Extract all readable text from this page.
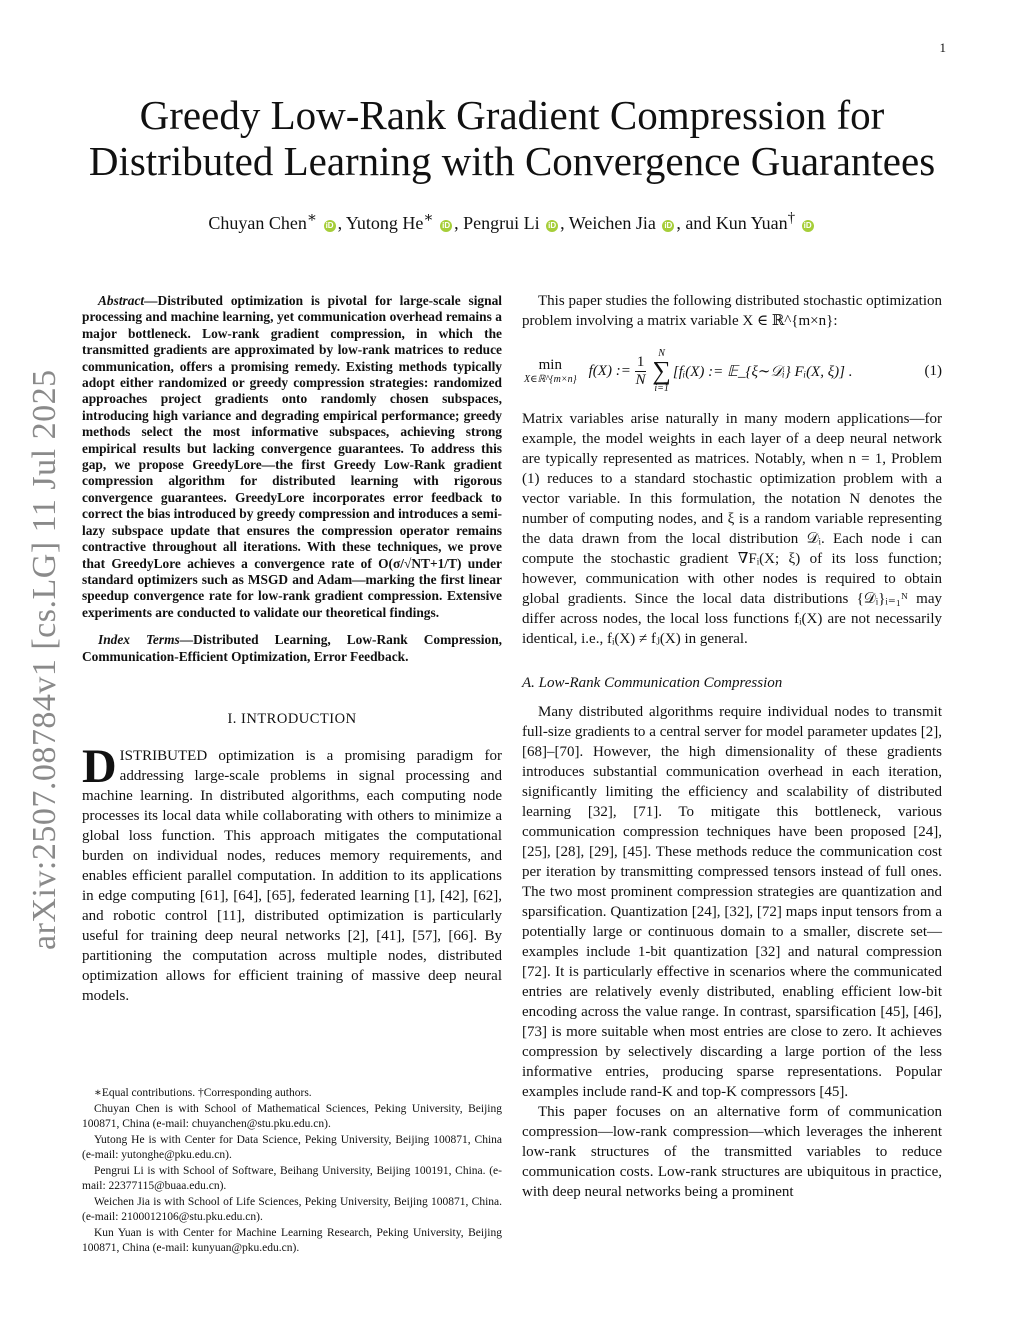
1
arXiv:2507.08784v1 [cs.LG] 11 Jul 2025
Greedy Low-Rank Gradient Compression for
Distributed Learning with Convergence Guarantees
Chuyan Chen∗ iD , Yutong He∗ iD , Pengrui Li iD , Weichen Jia iD , and Kun Yuan† iD

Abstract—Distributed optimization is pivotal for large-scale signal processing and machine learning, yet communication overhead remains a major bottleneck. Low-rank gradient compression, in which the transmitted gradients are approximated by low-rank matrices to reduce communication, offers a promising remedy. Existing methods typically adopt either randomized or greedy compression strategies: randomized approaches project gradients onto randomly chosen subspaces, introducing high variance and degrading empirical performance; greedy methods select the most informative subspaces, achieving strong empirical results but lacking convergence guarantees. To address this gap, we propose GreedyLore—the first Greedy Low-Rank gradient compression algorithm for distributed learning with rigorous convergence guarantees. GreedyLore incorporates error feedback to correct the bias introduced by greedy compression and introduces a semi-lazy subspace update that ensures the compression operator remains contractive throughout all iterations. With these techniques, we prove that GreedyLore achieves a convergence rate of O(σ/√NT+1/T) under standard optimizers such as MSGD and Adam—marking the first linear speedup convergence rate for low-rank gradient compression. Extensive experiments are conducted to validate our theoretical findings.

Index Terms—Distributed Learning, Low-Rank Compression, Communication-Efficient Optimization, Error Feedback.

I. INTRODUCTION

DISTRIBUTED optimization is a promising paradigm for addressing large-scale problems in signal processing and machine learning. In distributed algorithms, each computing node processes its local data while collaborating with others to minimize a global loss function. This approach mitigates the computational burden on individual nodes, reduces memory requirements, and enables efficient parallel computation. In addition to its applications in edge computing [61], [64], [65], federated learning [1], [42], [62], and robotic control [11], distributed optimization is particularly useful for training deep neural networks [2], [41], [57], [66]. By partitioning the computation across multiple nodes, distributed optimization allows for efficient training of massive deep neural models.

∗Equal contributions. †Corresponding authors.

Chuyan Chen is with School of Mathematical Sciences, Peking University, Beijing 100871, China (e-mail: chuyanchen@stu.pku.edu.cn).

Yutong He is with Center for Data Science, Peking University, Beijing 100871, China (e-mail: yutonghe@pku.edu.cn).

Pengrui Li is with School of Software, Beihang University, Beijing 100191, China. (e-mail: 22377115@buaa.edu.cn).

Weichen Jia is with School of Life Sciences, Peking University, Beijing 100871, China. (e-mail: 2100012106@stu.pku.edu.cn).

Kun Yuan is with Center for Machine Learning Research, Peking University, Beijing 100871, China (e-mail: kunyuan@pku.edu.cn).

This paper studies the following distributed stochastic optimization problem involving a matrix variable X ∈ ℝ^{m×n}:

min
X∈ℝ^{m×n}
f(X) := $\frac{1}{N}$ N
∑
i=1
[fᵢ(X) := 𝔼_{ξ∼𝒟ᵢ} Fᵢ(X, ξ)] .	(1)

Matrix variables arise naturally in many modern applications—for example, the model weights in each layer of a deep neural network are typically represented as matrices. Notably, when n = 1, Problem (1) reduces to a standard stochastic optimization problem with a vector variable. In this formulation, the notation N denotes the number of computing nodes, and ξ is a random variable representing the data drawn from the local distribution 𝒟ᵢ. Each node i can compute the stochastic gradient ∇Fᵢ(X; ξ) of its loss function; however, communication with other nodes is required to obtain global gradients. Since the local data distributions {𝒟ᵢ}ᵢ₌₁ᴺ may differ across nodes, the local loss functions fᵢ(X) are not necessarily identical, i.e., fᵢ(X) ≠ fⱼ(X) in general.

A. Low-Rank Communication Compression

Many distributed algorithms require individual nodes to transmit full-size gradients to a central server for model parameter updates [2], [68]–[70]. However, the high dimensionality of these gradients introduces substantial communication overhead in each iteration, significantly limiting the efficiency and scalability of distributed learning [32], [71]. To mitigate this bottleneck, various communication compression techniques have been proposed [24], [25], [28], [29], [45]. These methods reduce the communication cost per iteration by transmitting compressed tensors instead of full ones. The two most prominent compression strategies are quantization and sparsification. Quantization [24], [32], [72] maps input tensors from a potentially large or continuous domain to a smaller, discrete set—examples include 1-bit quantization [32] and natural compression [72]. It is particularly effective in scenarios where the communicated entries are relatively evenly distributed, enabling efficient low-bit encoding across the value range. In contrast, sparsification [45], [46], [73] is more suitable when most entries are close to zero. It achieves compression by selectively discarding a large portion of the less informative entries, producing sparse representations. Popular examples include rand-K and top-K compressors [45].

This paper focuses on an alternative form of communication compression—low-rank compression—which leverages the inherent low-rank structures of the transmitted variables to reduce communication costs. Low-rank structures are ubiquitous in practice, with deep neural networks being a prominent
